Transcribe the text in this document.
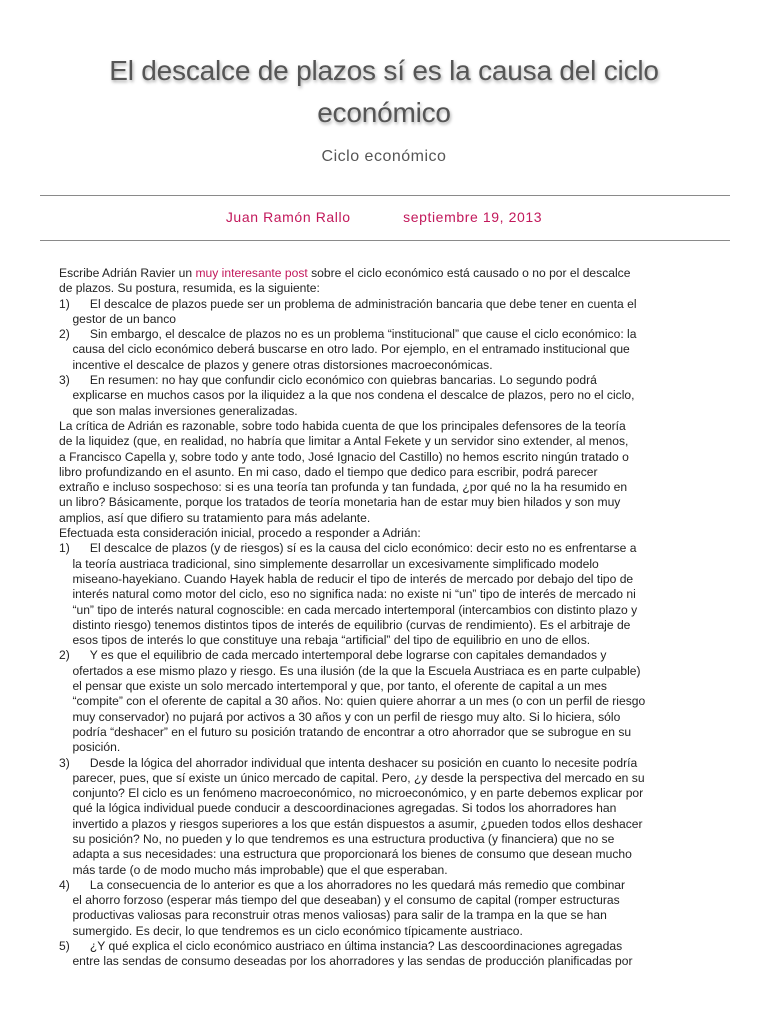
El descalce de plazos sí es la causa del ciclo económico
Ciclo económico
Juan Ramón Rallo	septiembre 19, 2013
Escribe Adrián Ravier un muy interesante post sobre el ciclo económico está causado o no por el descalce
de plazos. Su postura, resumida, es la siguiente:
1)      El descalce de plazos puede ser un problema de administración bancaria que debe tener en cuenta el
gestor de un banco
2)      Sin embargo, el descalce de plazos no es un problema “institucional” que cause el ciclo económico: la
causa del ciclo económico deberá buscarse en otro lado. Por ejemplo, en el entramado institucional que
incentive el descalce de plazos y genere otras distorsiones macroeconómicas.
3)      En resumen: no hay que confundir ciclo económico con quiebras bancarias. Lo segundo podrá
explicarse en muchos casos por la iliquidez a la que nos condena el descalce de plazos, pero no el ciclo,
que son malas inversiones generalizadas.
La crítica de Adrián es razonable, sobre todo habida cuenta de que los principales defensores de la teoría
de la liquidez (que, en realidad, no habría que limitar a Antal Fekete y un servidor sino extender, al menos,
a Francisco Capella y, sobre todo y ante todo, José Ignacio del Castillo) no hemos escrito ningún tratado o
libro profundizando en el asunto. En mi caso, dado el tiempo que dedico para escribir, podrá parecer
extraño e incluso sospechoso: si es una teoría tan profunda y tan fundada, ¿por qué no la ha resumido en
un libro? Básicamente, porque los tratados de teoría monetaria han de estar muy bien hilados y son muy
amplios, así que difiero su tratamiento para más adelante.
Efectuada esta consideración inicial, procedo a responder a Adrián:
1)      El descalce de plazos (y de riesgos) sí es la causa del ciclo económico: decir esto no es enfrentarse a
la teoría austriaca tradicional, sino simplemente desarrollar un excesivamente simplificado modelo
miseano-hayekiano. Cuando Hayek habla de reducir el tipo de interés de mercado por debajo del tipo de
interés natural como motor del ciclo, eso no significa nada: no existe ni “un” tipo de interés de mercado ni
“un” tipo de interés natural cognoscible: en cada mercado intertemporal (intercambios con distinto plazo y
distinto riesgo) tenemos distintos tipos de interés de equilibrio (curvas de rendimiento). Es el arbitraje de
esos tipos de interés lo que constituye una rebaja “artificial” del tipo de equilibrio en uno de ellos.
2)      Y es que el equilibrio de cada mercado intertemporal debe lograrse con capitales demandados y
ofertados a ese mismo plazo y riesgo. Es una ilusión (de la que la Escuela Austriaca es en parte culpable)
el pensar que existe un solo mercado intertemporal y que, por tanto, el oferente de capital a un mes
“compite” con el oferente de capital a 30 años. No: quien quiere ahorrar a un mes (o con un perfil de riesgo
muy conservador) no pujará por activos a 30 años y con un perfil de riesgo muy alto. Si lo hiciera, sólo
podría “deshacer” en el futuro su posición tratando de encontrar a otro ahorrador que se subrogue en su
posición.
3)      Desde la lógica del ahorrador individual que intenta deshacer su posición en cuanto lo necesite podría
parecer, pues, que sí existe un único mercado de capital. Pero, ¿y desde la perspectiva del mercado en su
conjunto? El ciclo es un fenómeno macroeconómico, no microeconómico, y en parte debemos explicar por
qué la lógica individual puede conducir a descoordinaciones agregadas. Si todos los ahorradores han
invertido a plazos y riesgos superiores a los que están dispuestos a asumir, ¿pueden todos ellos deshacer
su posición? No, no pueden y lo que tendremos es una estructura productiva (y financiera) que no se
adapta a sus necesidades: una estructura que proporcionará los bienes de consumo que desean mucho
más tarde (o de modo mucho más improbable) que el que esperaban.
4)      La consecuencia de lo anterior es que a los ahorradores no les quedará más remedio que combinar
el ahorro forzoso (esperar más tiempo del que deseaban) y el consumo de capital (romper estructuras
productivas valiosas para reconstruir otras menos valiosas) para salir de la trampa en la que se han
sumergido. Es decir, lo que tendremos es un ciclo económico típicamente austriaco.
5)      ¿Y qué explica el ciclo económico austriaco en última instancia? Las descoordinaciones agregadas
entre las sendas de consumo deseadas por los ahorradores y las sendas de producción planificadas por
